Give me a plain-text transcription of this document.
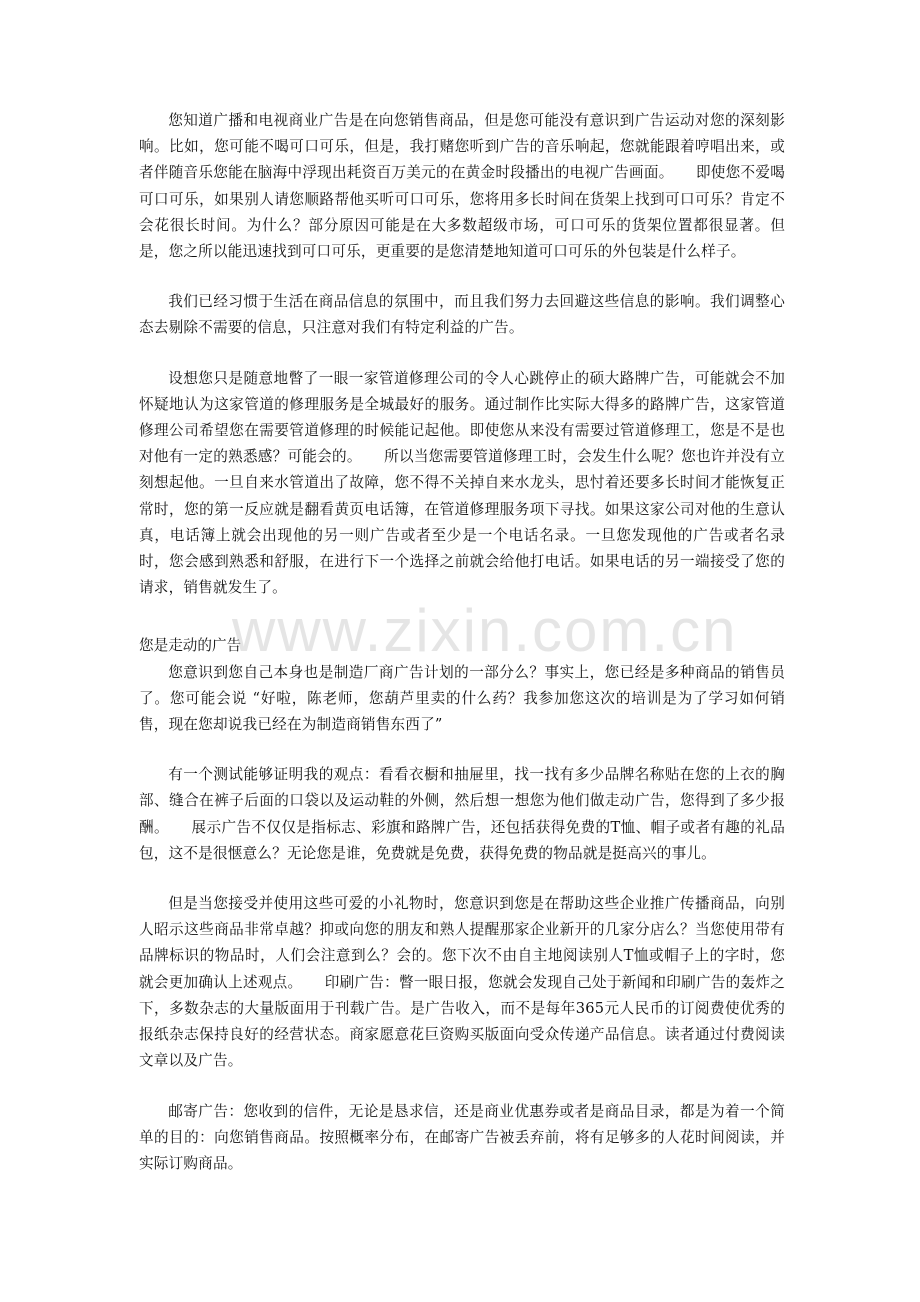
您知道广播和电视商业广告是在向您销售商品，但是您可能没有意识到广告运动对您的深刻影响。比如，您可能不喝可口可乐，但是，我打赌您听到广告的音乐响起，您就能跟着哼唱出来，或者伴随音乐您能在脑海中浮现出耗资百万美元的在黄金时段播出的电视广告画面。　　即使您不爱喝可口可乐，如果别人请您顺路帮他买听可口可乐，您将用多长时间在货架上找到可口可乐？肯定不会花很长时间。为什么？部分原因可能是在大多数超级市场，可口可乐的货架位置都很显著。但是，您之所以能迅速找到可口可乐，更重要的是您清楚地知道可口可乐的外包装是什么样子。

我们已经习惯于生活在商品信息的氛围中，而且我们努力去回避这些信息的影响。我们调整心态去剔除不需要的信息，只注意对我们有特定利益的广告。

设想您只是随意地瞥了一眼一家管道修理公司的令人心跳停止的硕大路牌广告，可能就会不加怀疑地认为这家管道的修理服务是全城最好的服务。通过制作比实际大得多的路牌广告，这家管道修理公司希望您在需要管道修理的时候能记起他。即使您从来没有需要过管道修理工，您是不是也对他有一定的熟悉感？可能会的。　　所以当您需要管道修理工时，会发生什么呢？您也许并没有立刻想起他。一旦自来水管道出了故障，您不得不关掉自来水龙头，思忖着还要多长时间才能恢复正常时，您的第一反应就是翻看黄页电话簿，在管道修理服务项下寻找。如果这家公司对他的生意认真，电话簿上就会出现他的另一则广告或者至少是一个电话名录。一旦您发现他的广告或者名录时，您会感到熟悉和舒服，在进行下一个选择之前就会给他打电话。如果电话的另一端接受了您的请求，销售就发生了。

您是走动的广告

您意识到您自己本身也是制造厂商广告计划的一部分么？事实上，您已经是多种商品的销售员了。您可能会说 “好啦，陈老师，您葫芦里卖的什么药？我参加您这次的培训是为了学习如何销售，现在您却说我已经在为制造商销售东西了”

有一个测试能够证明我的观点：看看衣橱和抽屉里，找一找有多少品牌名称贴在您的上衣的胸部、缝合在裤子后面的口袋以及运动鞋的外侧，然后想一想您为他们做走动广告，您得到了多少报酬。　　展示广告不仅仅是指标志、彩旗和路牌广告，还包括获得免费的T恤、帽子或者有趣的礼品包，这不是很惬意么？无论您是谁，免费就是免费，获得免费的物品就是挺高兴的事儿。

但是当您接受并使用这些可爱的小礼物时，您意识到您是在帮助这些企业推广传播商品，向别人昭示这些商品非常卓越？抑或向您的朋友和熟人提醒那家企业新开的几家分店么？当您使用带有品牌标识的物品时，人们会注意到么？会的。您下次不由自主地阅读别人T恤或帽子上的字时，您就会更加确认上述观点。　　印刷广告：瞥一眼日报，您就会发现自己处于新闻和印刷广告的轰炸之下，多数杂志的大量版面用于刊载广告。是广告收入，而不是每年365元人民币的订阅费使优秀的报纸杂志保持良好的经营状态。商家愿意花巨资购买版面向受众传递产品信息。读者通过付费阅读文章以及广告。

邮寄广告：您收到的信件，无论是恳求信，还是商业优惠券或者是商品目录，都是为着一个简单的目的：向您销售商品。按照概率分布，在邮寄广告被丢弃前，将有足够多的人花时间阅读，并实际订购商品。

www.zixin.com.cn
